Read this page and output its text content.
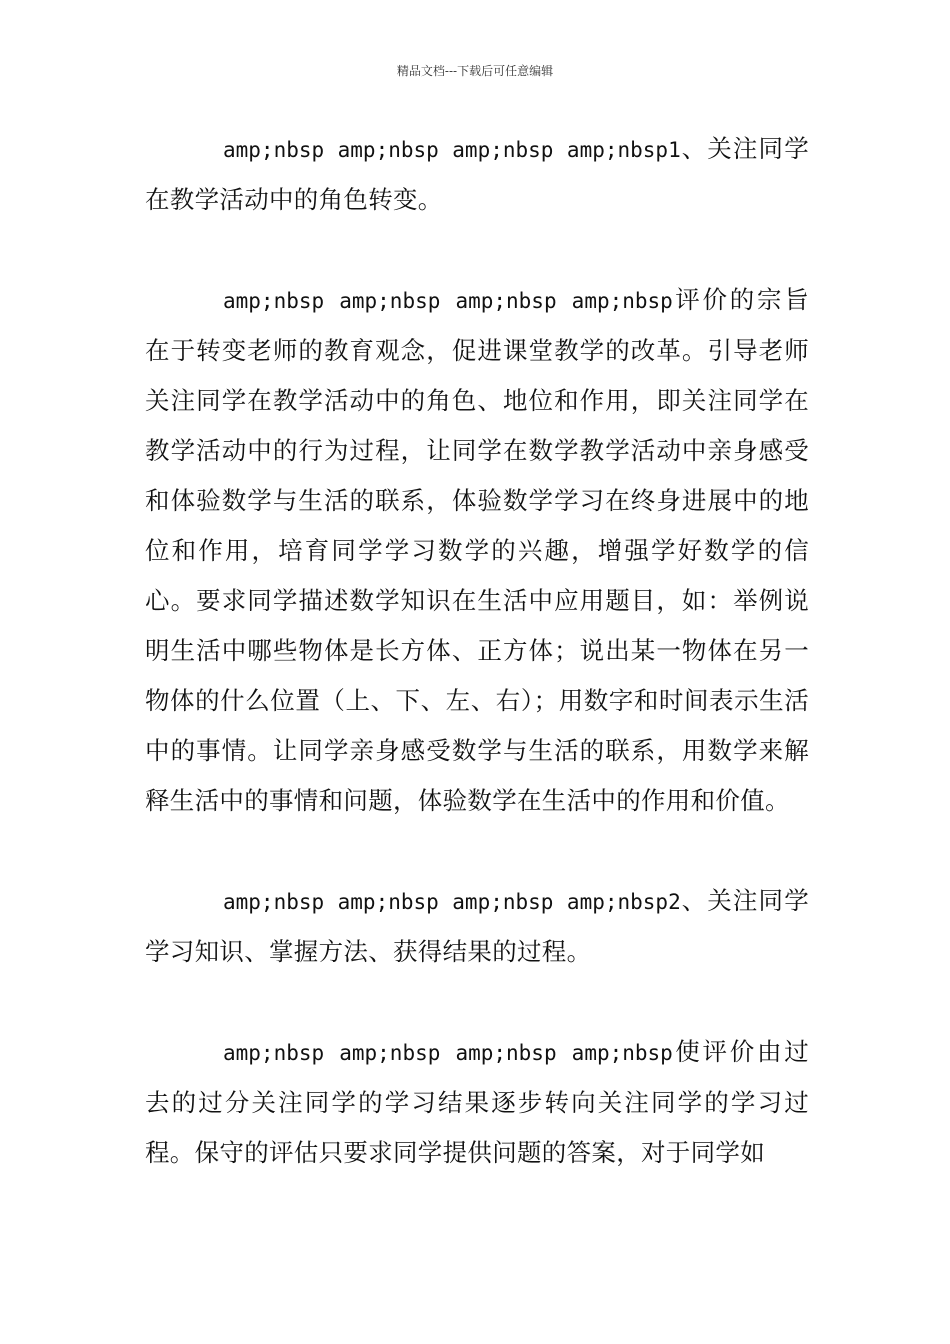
精品文档---下载后可任意编辑

amp;nbsp amp;nbsp amp;nbsp amp;nbsp1、关注同学在教学活动中的角色转变。

amp;nbsp amp;nbsp amp;nbsp amp;nbsp评价的宗旨在于转变老师的教育观念，促进课堂教学的改革。引导老师关注同学在教学活动中的角色、地位和作用，即关注同学在教学活动中的行为过程，让同学在数学教学活动中亲身感受和体验数学与生活的联系，体验数学学习在终身进展中的地位和作用，培育同学学习数学的兴趣，增强学好数学的信心。要求同学描述数学知识在生活中应用题目，如：举例说明生活中哪些物体是长方体、正方体；说出某一物体在另一物体的什么位置（上、下、左、右）；用数字和时间表示生活中的事情。让同学亲身感受数学与生活的联系，用数学来解释生活中的事情和问题，体验数学在生活中的作用和价值。

amp;nbsp amp;nbsp amp;nbsp amp;nbsp2、关注同学学习知识、掌握方法、获得结果的过程。

amp;nbsp amp;nbsp amp;nbsp amp;nbsp使评价由过去的过分关注同学的学习结果逐步转向关注同学的学习过程。保守的评估只要求同学提供问题的答案，对于同学如
